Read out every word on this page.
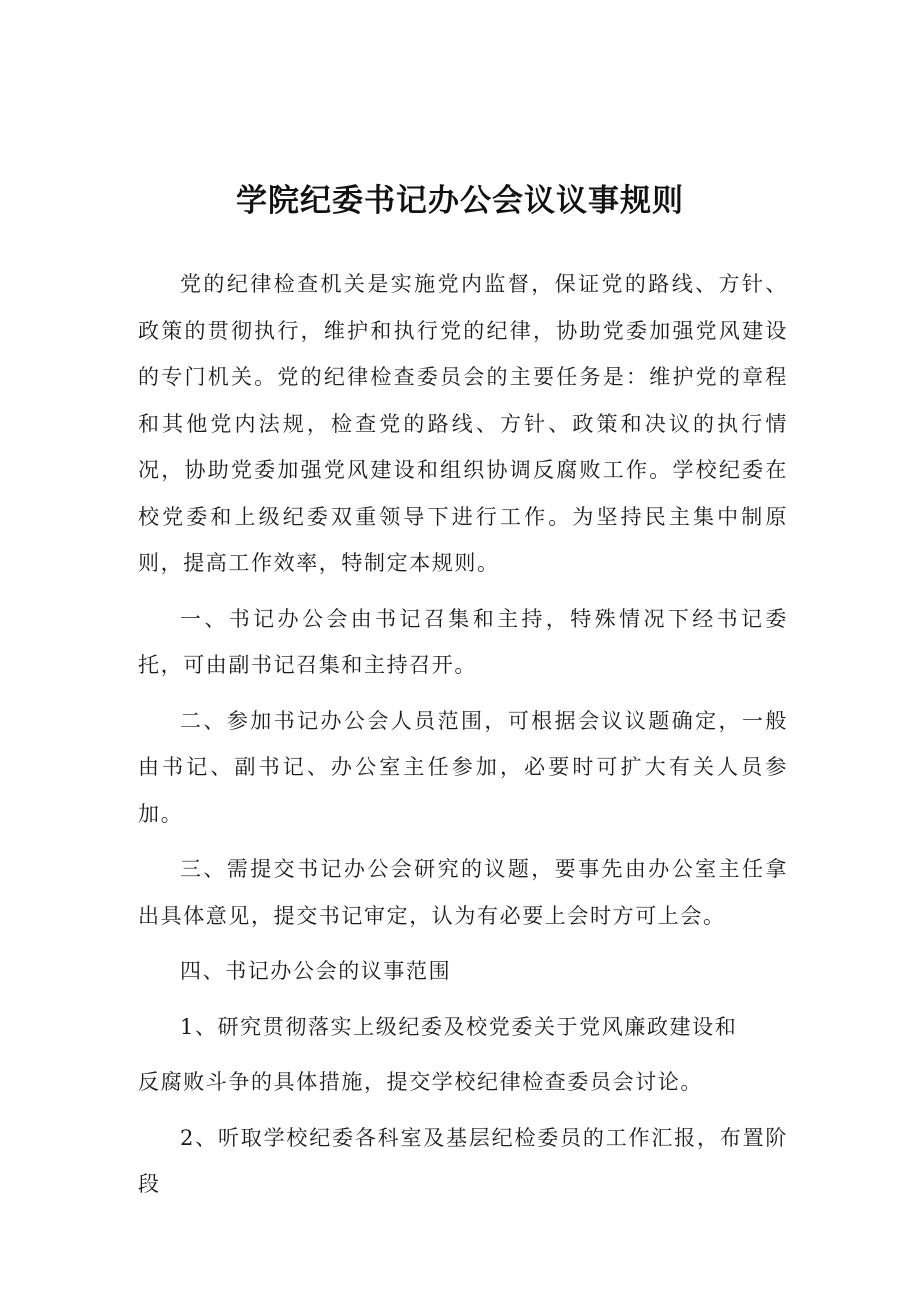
学院纪委书记办公会议议事规则

党的纪律检查机关是实施党内监督，保证党的路线、方针、政策的贯彻执行，维护和执行党的纪律，协助党委加强党风建设的专门机关。党的纪律检查委员会的主要任务是：维护党的章程和其他党内法规，检查党的路线、方针、政策和决议的执行情况，协助党委加强党风建设和组织协调反腐败工作。学校纪委在校党委和上级纪委双重领导下进行工作。为坚持民主集中制原则，提高工作效率，特制定本规则。

一、书记办公会由书记召集和主持，特殊情况下经书记委托，可由副书记召集和主持召开。

二、参加书记办公会人员范围，可根据会议议题确定，一般由书记、副书记、办公室主任参加，必要时可扩大有关人员参加。

三、需提交书记办公会研究的议题，要事先由办公室主任拿出具体意见，提交书记审定，认为有必要上会时方可上会。

四、书记办公会的议事范围

1、研究贯彻落实上级纪委及校党委关于党风廉政建设和

反腐败斗争的具体措施，提交学校纪律检查委员会讨论。

2、听取学校纪委各科室及基层纪检委员的工作汇报，布置阶段
